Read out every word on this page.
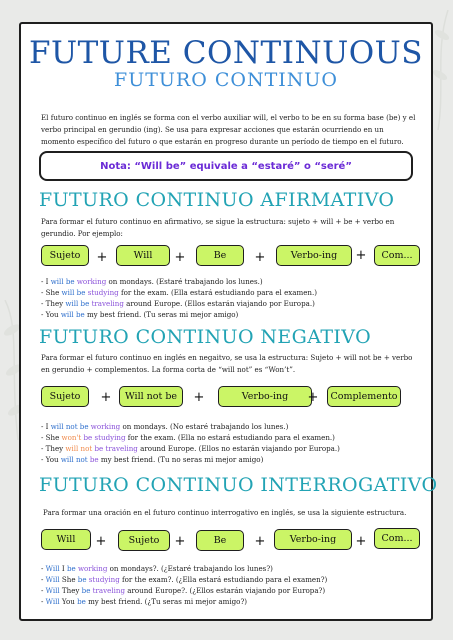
FUTURE CONTINUOUS
FUTURO CONTINUO
El futuro continuo en inglés se forma con el verbo auxiliar will, el verbo to be en su forma base (be) y el verbo principal en gerundio (ing). Se usa para expresar acciones que estarán ocurriendo en un momento específico del futuro o que estarán en progreso durante un período de tiempo en el futuro.
Nota: “Will be” equivale a “estaré” o “seré”
FUTURO CONTINUO AFIRMATIVO
Para formar el futuro continuo en afirmativo, se sigue la estructura: sujeto + will + be + verbo en gerundio. Por ejemplo:
Sujeto	+	Will	+	Be	+	Verbo-ing	+	Com...
- I will be working on mondays. (Estaré trabajando los lunes.)
- She will be studying for the exam. (Ella estará estudiando para el examen.)
- They will be traveling around Europe. (Ellos estarán viajando por Europa.)
- You will be my best friend. (Tu seras mi mejor amigo)
FUTURO CONTINUO NEGATIVO
Para formar el futuro continuo en inglés en negaitvo, se usa la estructura: Sujeto + will not be + verbo en gerundio + complementos. La forma corta de “will not” es “Won’t”.
Sujeto	+	Will not be	+	Verbo-ing	+	Complemento
- I will not be working on mondays. (No estaré trabajando los lunes.)
- She won't be studying for the exam. (Ella no estará estudiando para el examen.)
- They will not be traveling around Europe. (Ellos no estarán viajando por Europa.)
- You will not be my best friend. (Tu no seras mi mejor amigo)
FUTURO CONTINUO INTERROGATIVO
Para formar una oración en el futuro continuo interrogativo en inglés, se usa la siguiente estructura.
Will	+	Sujeto	+	Be	+	Verbo-ing	+	Com...
- Will I be working on mondays?. (¿Estaré trabajando los lunes?)
- Will She be studying for the exam?. (¿Ella estará estudiando para el examen?)
- Will They be traveling around Europe?. (¿Ellos estarán viajando por Europa?)
- Will You be my best friend. (¿Tu seras mi mejor amigo?)
